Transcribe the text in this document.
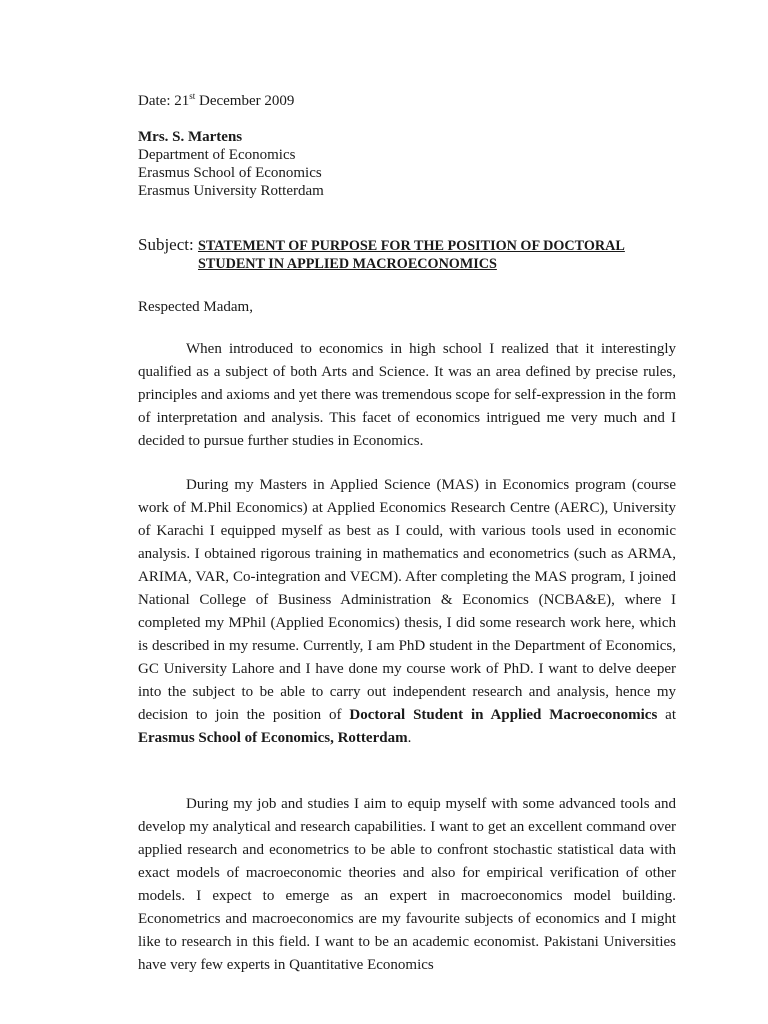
Date: 21st December 2009
Mrs. S. Martens
Department of Economics
Erasmus School of Economics
Erasmus University Rotterdam
Subject: STATEMENT OF PURPOSE FOR THE POSITION OF DOCTORAL STUDENT IN APPLIED MACROECONOMICS
Respected Madam,
When introduced to economics in high school I realized that it interestingly qualified as a subject of both Arts and Science. It was an area defined by precise rules, principles and axioms and yet there was tremendous scope for self-expression in the form of interpretation and analysis. This facet of economics intrigued me very much and I decided to pursue further studies in Economics.
During my Masters in Applied Science (MAS) in Economics program (course work of M.Phil Economics) at Applied Economics Research Centre (AERC), University of Karachi I equipped myself as best as I could, with various tools used in economic analysis. I obtained rigorous training in mathematics and econometrics (such as ARMA, ARIMA, VAR, Co-integration and VECM). After completing the MAS program, I joined National College of Business Administration & Economics (NCBA&E), where I completed my MPhil (Applied Economics) thesis, I did some research work here, which is described in my resume. Currently, I am PhD student in the Department of Economics, GC University Lahore and I have done my course work of PhD. I want to delve deeper into the subject to be able to carry out independent research and analysis, hence my decision to join the position of Doctoral Student in Applied Macroeconomics at Erasmus School of Economics, Rotterdam.
During my job and studies I aim to equip myself with some advanced tools and develop my analytical and research capabilities. I want to get an excellent command over applied research and econometrics to be able to confront stochastic statistical data with exact models of macroeconomic theories and also for empirical verification of other models. I expect to emerge as an expert in macroeconomics model building. Econometrics and macroeconomics are my favourite subjects of economics and I might like to research in this field. I want to be an academic economist. Pakistani Universities have very few experts in Quantitative Economics
